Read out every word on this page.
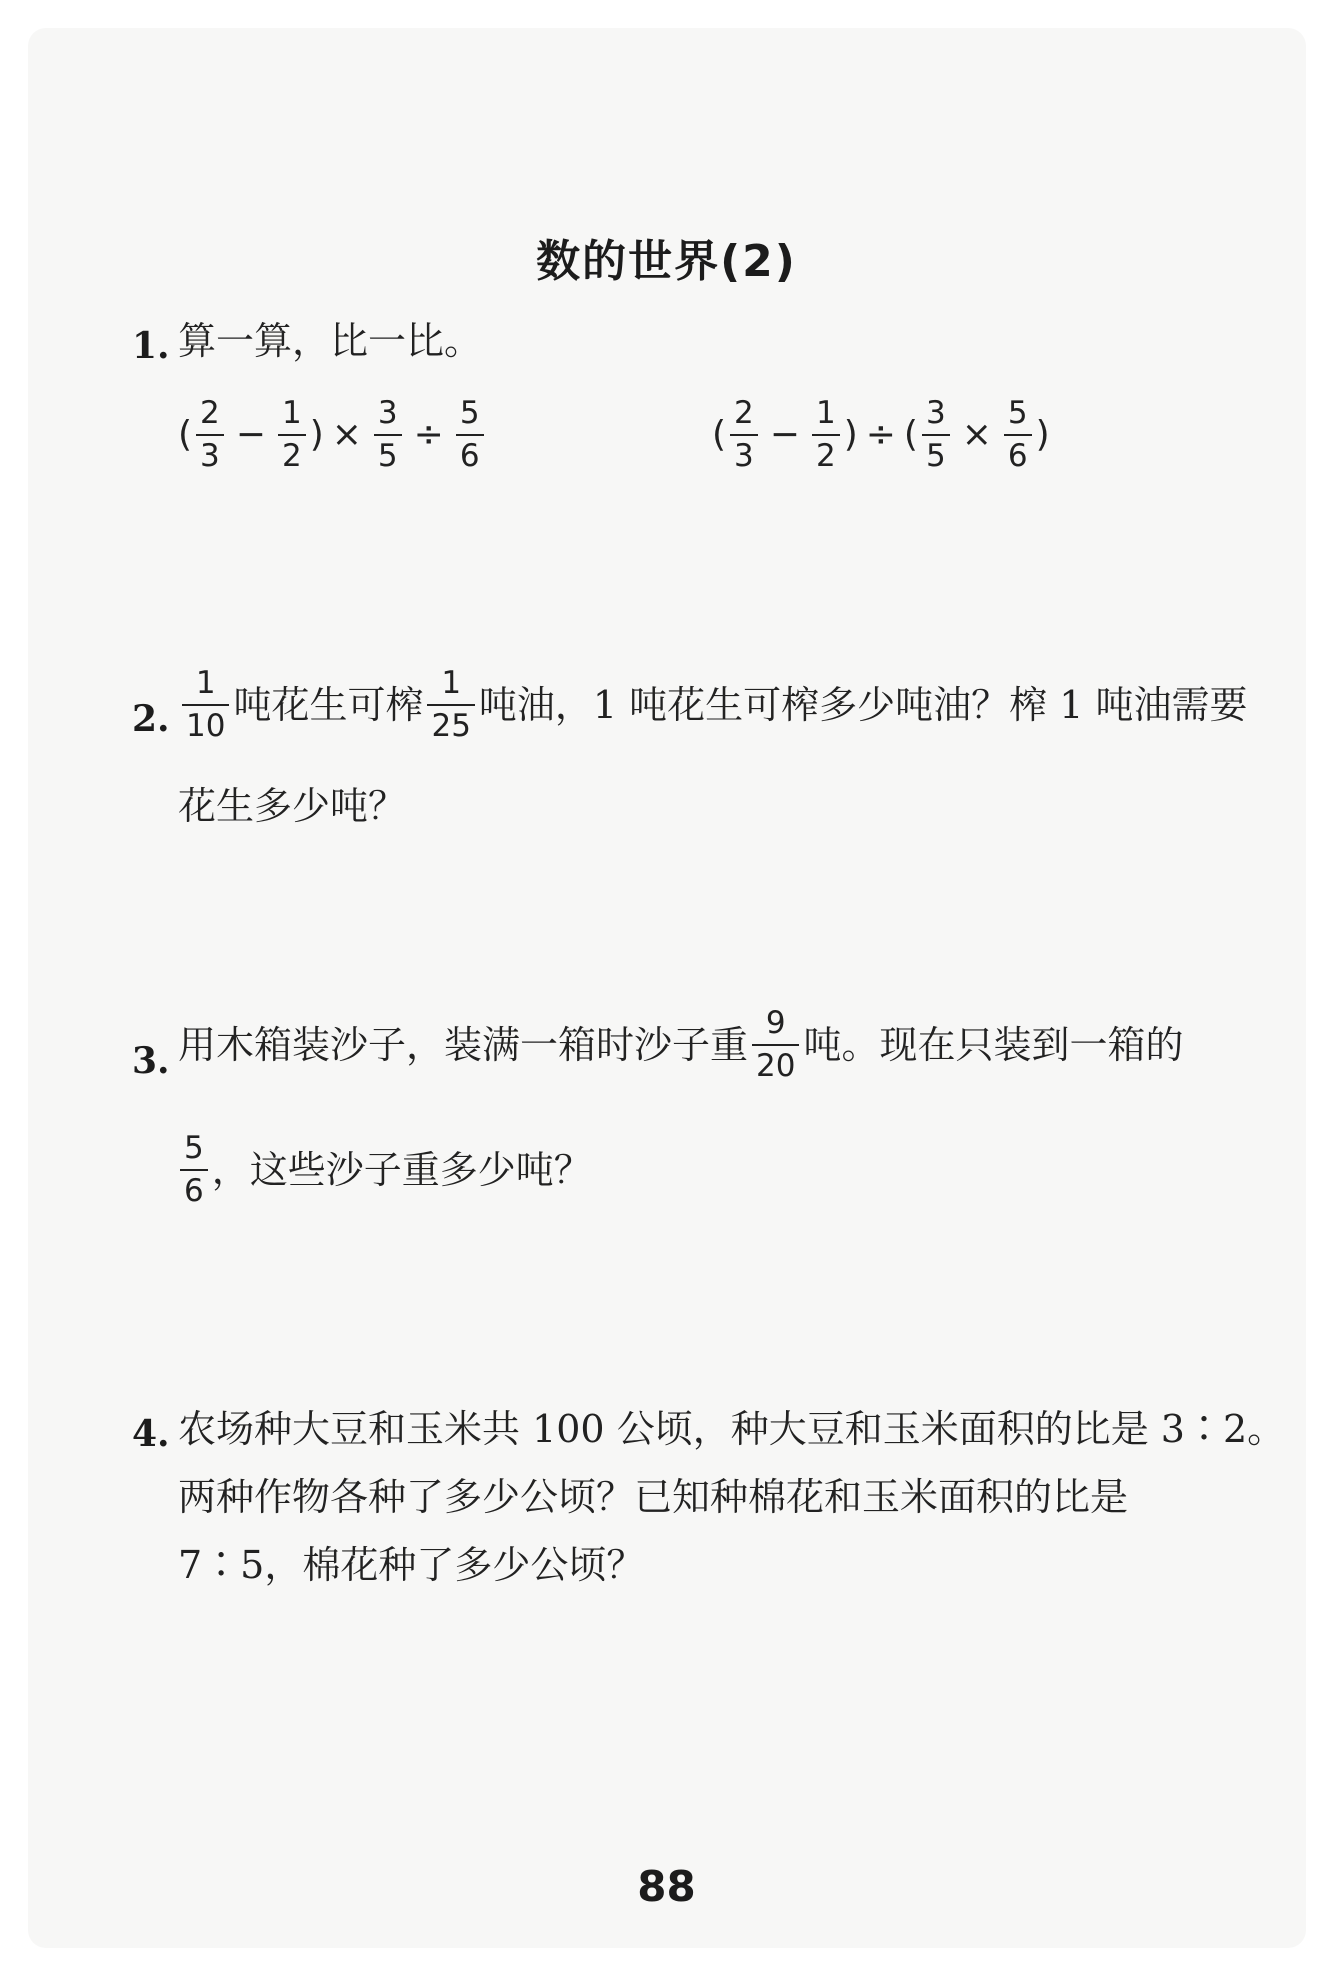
数的世界(2)
1. 算一算，比一比。
( $\frac{2}{3} - \frac{1}{2}$ ) × $\frac{3}{5} \div \frac{5}{6}$	( $\frac{2}{3} - \frac{1}{2}$ ) ÷ ( $\frac{3}{5} \times \frac{5}{6}$ )
2. $\frac{1}{10}$ 吨花生可榨 $\frac{1}{25}$ 吨油，1 吨花生可榨多少吨油？榨 1 吨油需要
花生多少吨？
3. 用木箱装沙子，装满一箱时沙子重 $\frac{9}{20}$ 吨。现在只装到一箱的
$\frac{5}{6}$ ，这些沙子重多少吨？
4. 农场种大豆和玉米共 100 公顷，种大豆和玉米面积的比是 3∶2。
两种作物各种了多少公顷？已知种棉花和玉米面积的比是
7∶5，棉花种了多少公顷？
88
